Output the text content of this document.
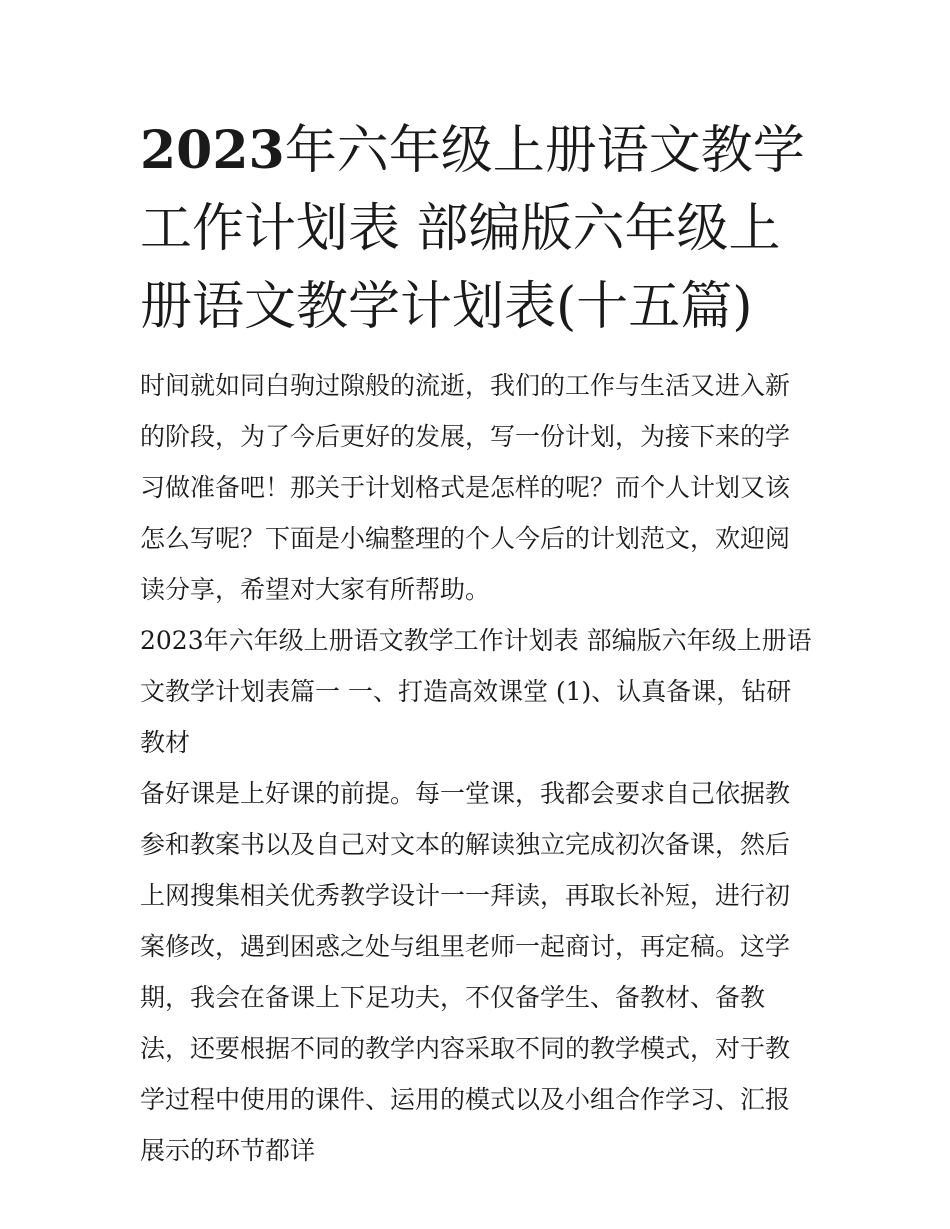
2023年六年级上册语文教学工作计划表 部编版六年级上册语文教学计划表(十五篇)

时间就如同白驹过隙般的流逝，我们的工作与生活又进入新的阶段，为了今后更好的发展，写一份计划，为接下来的学习做准备吧！那关于计划格式是怎样的呢？而个人计划又该怎么写呢？下面是小编整理的个人今后的计划范文，欢迎阅读分享，希望对大家有所帮助。

2023年六年级上册语文教学工作计划表 部编版六年级上册语文教学计划表篇一 一、打造高效课堂 (1)、认真备课，钻研教材

备好课是上好课的前提。每一堂课，我都会要求自己依据教参和教案书以及自己对文本的解读独立完成初次备课，然后上网搜集相关优秀教学设计一一拜读，再取长补短，进行初案修改，遇到困惑之处与组里老师一起商讨，再定稿。这学期，我会在备课上下足功夫，不仅备学生、备教材、备教法，还要根据不同的教学内容采取不同的教学模式，对于教学过程中使用的课件、运用的模式以及小组合作学习、汇报展示的环节都详
